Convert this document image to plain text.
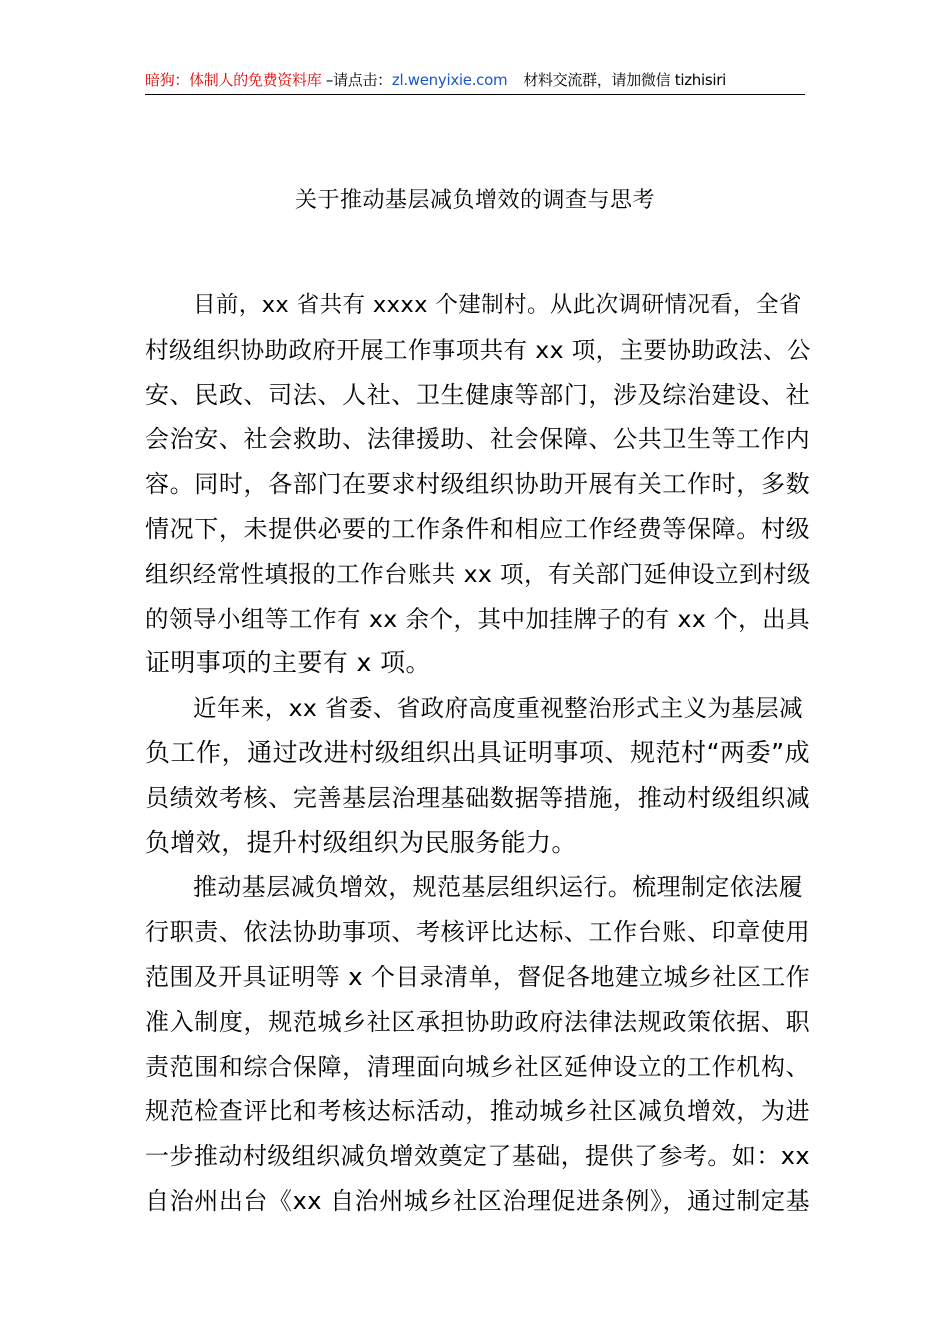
暗狗：体制人的免费资料库 –请点击：zl.wenyixie.com 材料交流群，请加微信 tizhisiri
关于推动基层减负增效的调查与思考
目前，xx 省共有 xxxx 个建制村。从此次调研情况看，全省
村级组织协助政府开展工作事项共有 xx 项，主要协助政法、公
安、民政、司法、人社、卫生健康等部门，涉及综治建设、社
会治安、社会救助、法律援助、社会保障、公共卫生等工作内
容。同时，各部门在要求村级组织协助开展有关工作时，多数
情况下，未提供必要的工作条件和相应工作经费等保障。村级
组织经常性填报的工作台账共 xx 项，有关部门延伸设立到村级
的领导小组等工作有 xx 余个，其中加挂牌子的有 xx 个，出具
证明事项的主要有 x 项。
近年来，xx 省委、省政府高度重视整治形式主义为基层减
负工作，通过改进村级组织出具证明事项、规范村“两委”成
员绩效考核、完善基层治理基础数据等措施，推动村级组织减
负增效，提升村级组织为民服务能力。
推动基层减负增效，规范基层组织运行。梳理制定依法履
行职责、依法协助事项、考核评比达标、工作台账、印章使用
范围及开具证明等 x 个目录清单，督促各地建立城乡社区工作
准入制度，规范城乡社区承担协助政府法律法规政策依据、职
责范围和综合保障，清理面向城乡社区延伸设立的工作机构、
规范检查评比和考核达标活动，推动城乡社区减负增效，为进
一步推动村级组织减负增效奠定了基础，提供了参考。如：xx
自治州出台《xx 自治州城乡社区治理促进条例》，通过制定基
